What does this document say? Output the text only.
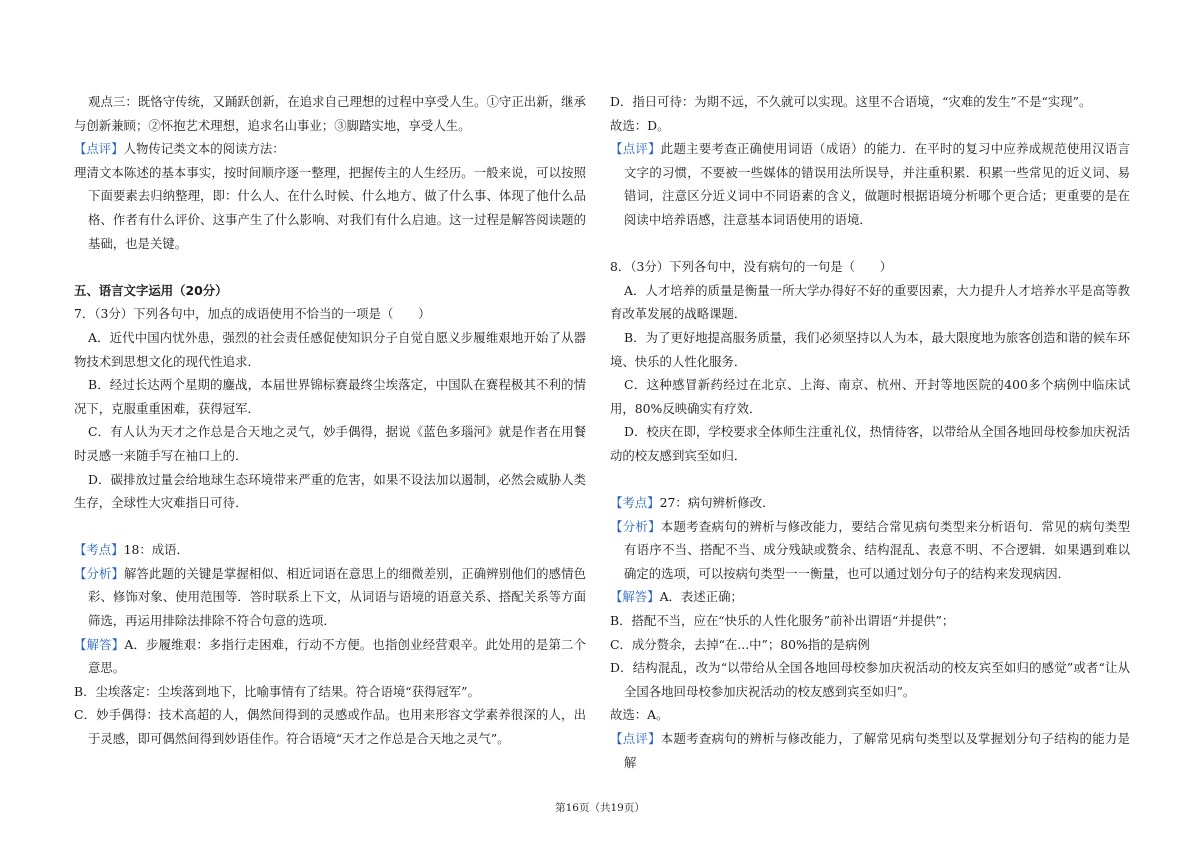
观点三：既恪守传统，又踊跃创新，在追求自己理想的过程中享受人生。①守正出新，继承与创新兼顾；②怀抱艺术理想，追求名山事业；③脚踏实地，享受人生。

【点评】人物传记类文本的阅读方法：

理清文本陈述的基本事实，按时间顺序逐一整理，把握传主的人生经历。一般来说，可以按照下面要素去归纳整理，即：什么人、在什么时候、什么地方、做了什么事、体现了他什么品格、作者有什么评价、这事产生了什么影响、对我们有什么启迪。这一过程是解答阅读题的基础，也是关键。

五、语言文字运用（20分）

7．（3分）下列各句中，加点的成语使用不恰当的一项是（　　）

A．近代中国内忧外患，强烈的社会责任感促使知识分子自觉自愿义步履维艰地开始了从器物技术到思想文化的现代性追求．

B．经过长达两个星期的鏖战，本届世界锦标赛最终尘埃落定，中国队在赛程极其不利的情况下，克服重重困难，获得冠军．

C．有人认为天才之作总是合天地之灵气，妙手偶得，据说《蓝色多瑙河》就是作者在用餐时灵感一来随手写在袖口上的．

D．碳排放过量会给地球生态环境带来严重的危害，如果不设法加以遏制，必然会威胁人类生存，全球性大灾难指日可待．

【考点】18：成语．

【分析】解答此题的关键是掌握相似、相近词语在意思上的细微差别，正确辨别他们的感情色彩、修饰对象、使用范围等．答时联系上下文，从词语与语境的语意关系、搭配关系等方面筛选，再运用排除法排除不符合句意的选项．

【解答】A．步履维艰：多指行走困难，行动不方便。也指创业经营艰辛。此处用的是第二个意思。

B．尘埃落定：尘埃落到地下，比喻事情有了结果。符合语境“获得冠军”。

C．妙手偶得：技术高超的人，偶然间得到的灵感或作品。也用来形容文学素养很深的人，出于灵感，即可偶然间得到妙语佳作。符合语境“天才之作总是合天地之灵气”。

D．指日可待：为期不远，不久就可以实现。这里不合语境，“灾难的发生”不是“实现”。

故选：D。

【点评】此题主要考查正确使用词语（成语）的能力．在平时的复习中应养成规范使用汉语言文字的习惯，不要被一些媒体的错误用法所误导，并注重积累．积累一些常见的近义词、易错词，注意区分近义词中不同语素的含义，做题时根据语境分析哪个更合适；更重要的是在阅读中培养语感，注意基本词语使用的语境．

8．（3分）下列各句中，没有病句的一句是（　　）

A．人才培养的质量是衡量一所大学办得好不好的重要因素，大力提升人才培养水平是高等教育改革发展的战略课题．

B．为了更好地提高服务质量，我们必须坚持以人为本，最大限度地为旅客创造和谐的候车环境、快乐的人性化服务．

C．这种感冒新药经过在北京、上海、南京、杭州、开封等地医院的400多个病例中临床试用，80%反映确实有疗效．

D．校庆在即，学校要求全体师生注重礼仪，热情待客，以带给从全国各地回母校参加庆祝活动的校友感到宾至如归．

【考点】27：病句辨析修改．

【分析】本题考查病句的辨析与修改能力，要结合常见病句类型来分析语句．常见的病句类型有语序不当、搭配不当、成分残缺或赘余、结构混乱、表意不明、不合逻辑．如果遇到难以确定的选项，可以按病句类型一一衡量，也可以通过划分句子的结构来发现病因．

【解答】A．表述正确；

B．搭配不当，应在“快乐的人性化服务”前补出谓语“并提供”；

C．成分赘余，去掉“在...中”；80%指的是病例

D．结构混乱，改为“以带给从全国各地回母校参加庆祝活动的校友宾至如归的感觉”或者“让从全国各地回母校参加庆祝活动的校友感到宾至如归”。

故选：A。

【点评】本题考查病句的辨析与修改能力，了解常见病句类型以及掌握划分句子结构的能力是解

第16页（共19页）
